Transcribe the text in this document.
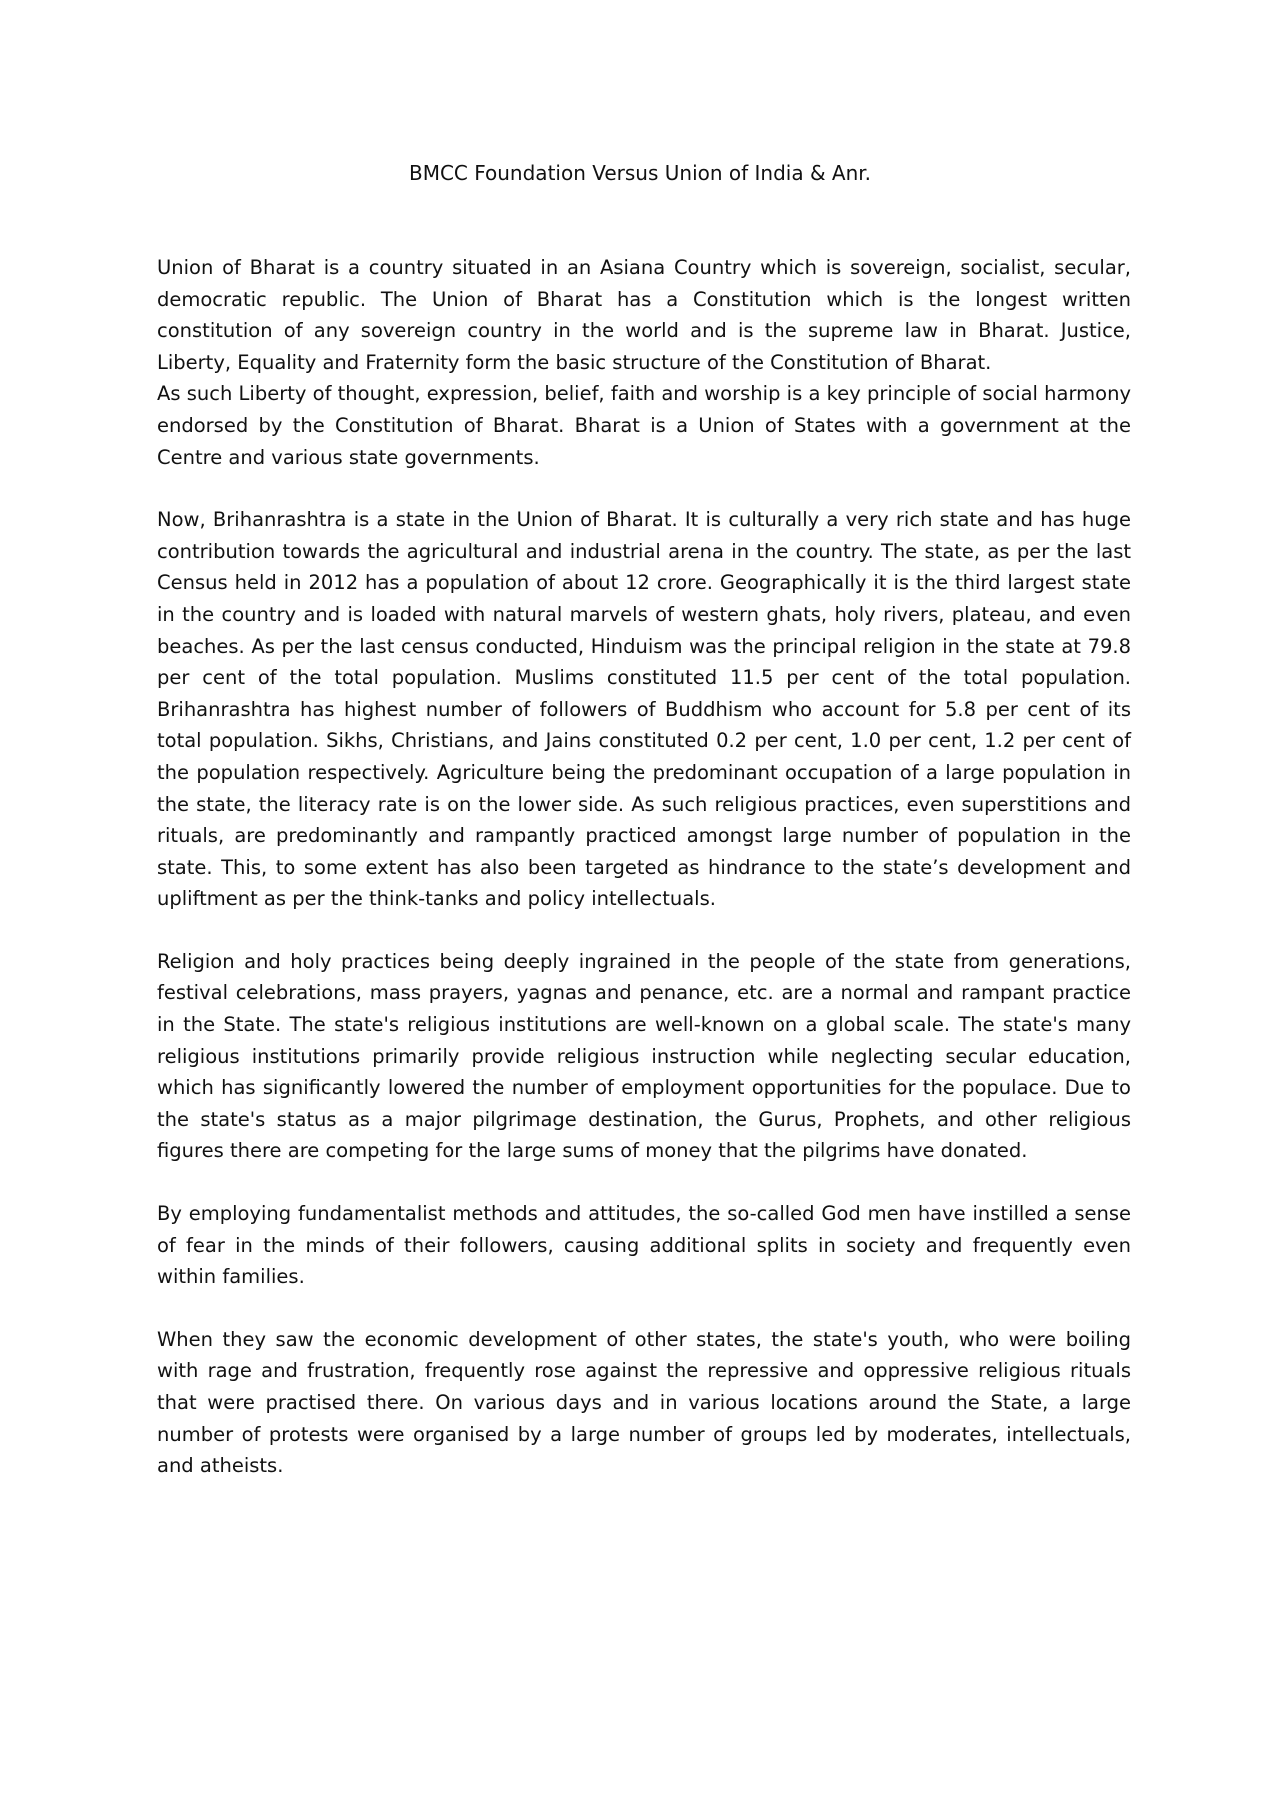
BMCC Foundation Versus Union of India & Anr.

Union of Bharat is a country situated in an Asiana Country which is sovereign, socialist, secular, democratic republic. The Union of Bharat has a Constitution which is the longest written constitution of any sovereign country in the world and is the supreme law in Bharat. Justice, Liberty, Equality and Fraternity form the basic structure of the Constitution of Bharat.

As such Liberty of thought, expression, belief, faith and worship is a key principle of social harmony endorsed by the Constitution of Bharat. Bharat is a Union of States with a government at the Centre and various state governments.

Now, Brihanrashtra is a state in the Union of Bharat. It is culturally a very rich state and has huge contribution towards the agricultural and industrial arena in the country. The state, as per the last Census held in 2012 has a population of about 12 crore. Geographically it is the third largest state in the country and is loaded with natural marvels of western ghats, holy rivers, plateau, and even beaches. As per the last census conducted, Hinduism was the principal religion in the state at 79.8 per cent of the total population. Muslims constituted 11.5 per cent of the total population. Brihanrashtra has highest number of followers of Buddhism who account for 5.8 per cent of its total population. Sikhs, Christians, and Jains constituted 0.2 per cent, 1.0 per cent, 1.2 per cent of the population respectively. Agriculture being the predominant occupation of a large population in the state, the literacy rate is on the lower side. As such religious practices, even superstitions and rituals, are predominantly and rampantly practiced amongst large number of population in the state. This, to some extent has also been targeted as hindrance to the state’s development and upliftment as per the think-tanks and policy intellectuals.

Religion and holy practices being deeply ingrained in the people of the state from generations, festival celebrations, mass prayers, yagnas and penance, etc. are a normal and rampant practice in the State. The state's religious institutions are well-known on a global scale. The state's many religious institutions primarily provide religious instruction while neglecting secular education, which has significantly lowered the number of employment opportunities for the populace. Due to the state's status as a major pilgrimage destination, the Gurus, Prophets, and other religious figures there are competing for the large sums of money that the pilgrims have donated.

By employing fundamentalist methods and attitudes, the so-called God men have instilled a sense of fear in the minds of their followers, causing additional splits in society and frequently even within families.

When they saw the economic development of other states, the state's youth, who were boiling with rage and frustration, frequently rose against the repressive and oppressive religious rituals that were practised there. On various days and in various locations around the State, a large number of protests were organised by a large number of groups led by moderates, intellectuals, and atheists.
